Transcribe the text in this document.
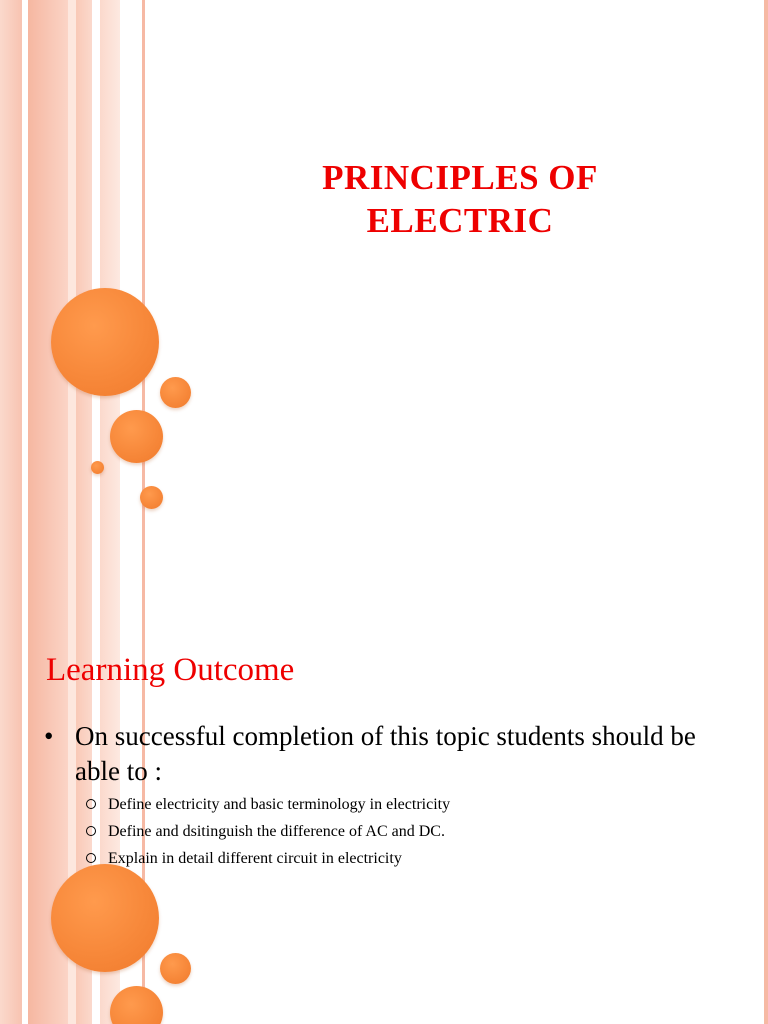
PRINCIPLES OF
ELECTRIC
Learning Outcome
• On successful completion of this topic students should be able to :
Define electricity and basic terminology in electricity
Define and dsitinguish the difference of AC and DC.
Explain in detail different circuit in electricity
